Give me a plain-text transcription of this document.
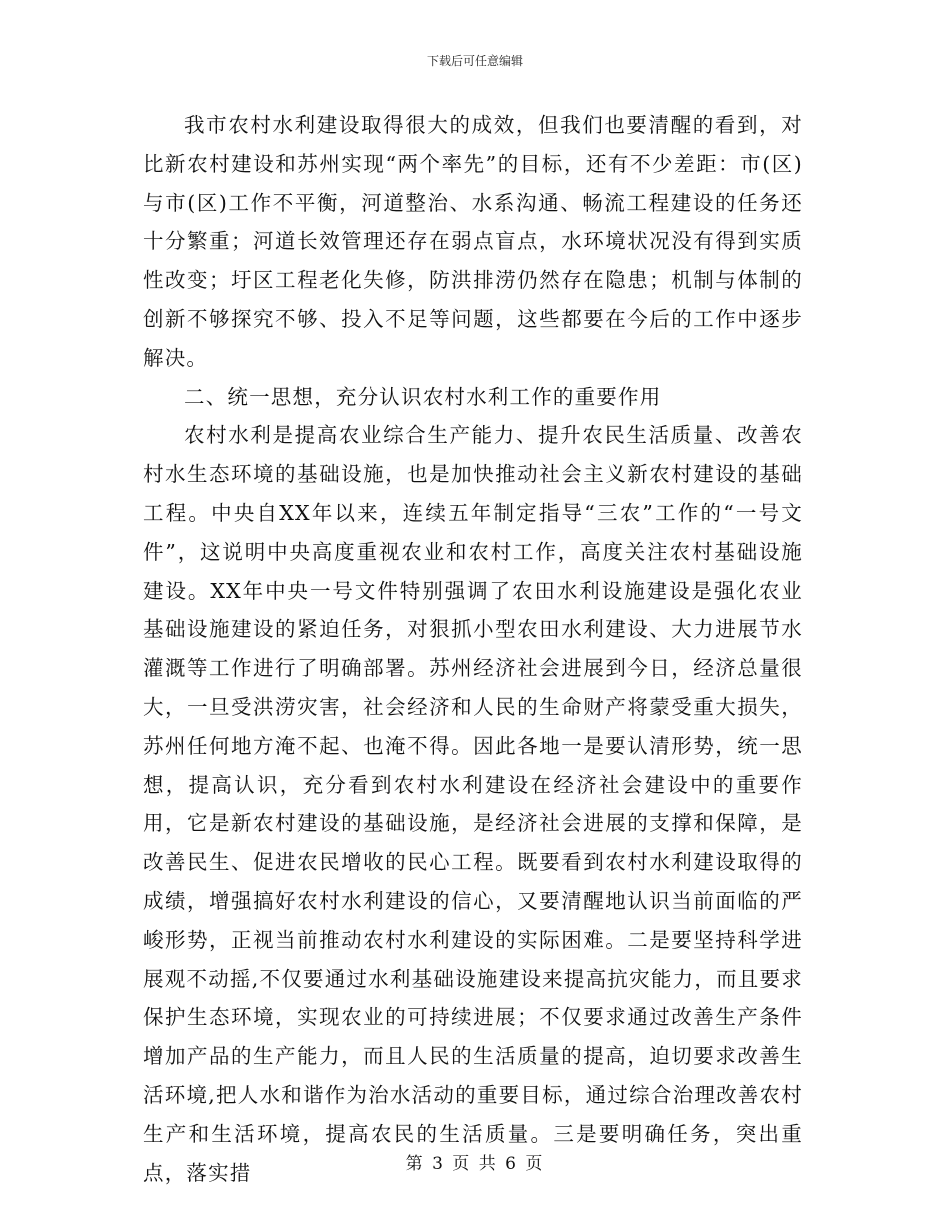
下载后可任意编辑

我市农村水利建设取得很大的成效，但我们也要清醒的看到，对比新农村建设和苏州实现“两个率先”的目标，还有不少差距：市(区)与市(区)工作不平衡，河道整治、水系沟通、畅流工程建设的任务还十分繁重；河道长效管理还存在弱点盲点，水环境状况没有得到实质性改变；圩区工程老化失修，防洪排涝仍然存在隐患；机制与体制的创新不够探究不够、投入不足等问题，这些都要在今后的工作中逐步解决。

二、统一思想，充分认识农村水利工作的重要作用

农村水利是提高农业综合生产能力、提升农民生活质量、改善农村水生态环境的基础设施，也是加快推动社会主义新农村建设的基础工程。中央自XX年以来，连续五年制定指导“三农”工作的“一号文件”，这说明中央高度重视农业和农村工作，高度关注农村基础设施建设。XX年中央一号文件特别强调了农田水利设施建设是强化农业基础设施建设的紧迫任务，对狠抓小型农田水利建设、大力进展节水灌溉等工作进行了明确部署。苏州经济社会进展到今日，经济总量很大，一旦受洪涝灾害，社会经济和人民的生命财产将蒙受重大损失，苏州任何地方淹不起、也淹不得。因此各地一是要认清形势，统一思想，提高认识，充分看到农村水利建设在经济社会建设中的重要作用，它是新农村建设的基础设施，是经济社会进展的支撑和保障，是改善民生、促进农民增收的民心工程。既要看到农村水利建设取得的成绩，增强搞好农村水利建设的信心，又要清醒地认识当前面临的严峻形势，正视当前推动农村水利建设的实际困难。二是要坚持科学进展观不动摇,不仅要通过水利基础设施建设来提高抗灾能力，而且要求保护生态环境，实现农业的可持续进展；不仅要求通过改善生产条件增加产品的生产能力，而且人民的生活质量的提高，迫切要求改善生活环境,把人水和谐作为治水活动的重要目标，通过综合治理改善农村生产和生活环境，提高农民的生活质量。三是要明确任务，突出重点，落实措	第 3 页 共 6 页
